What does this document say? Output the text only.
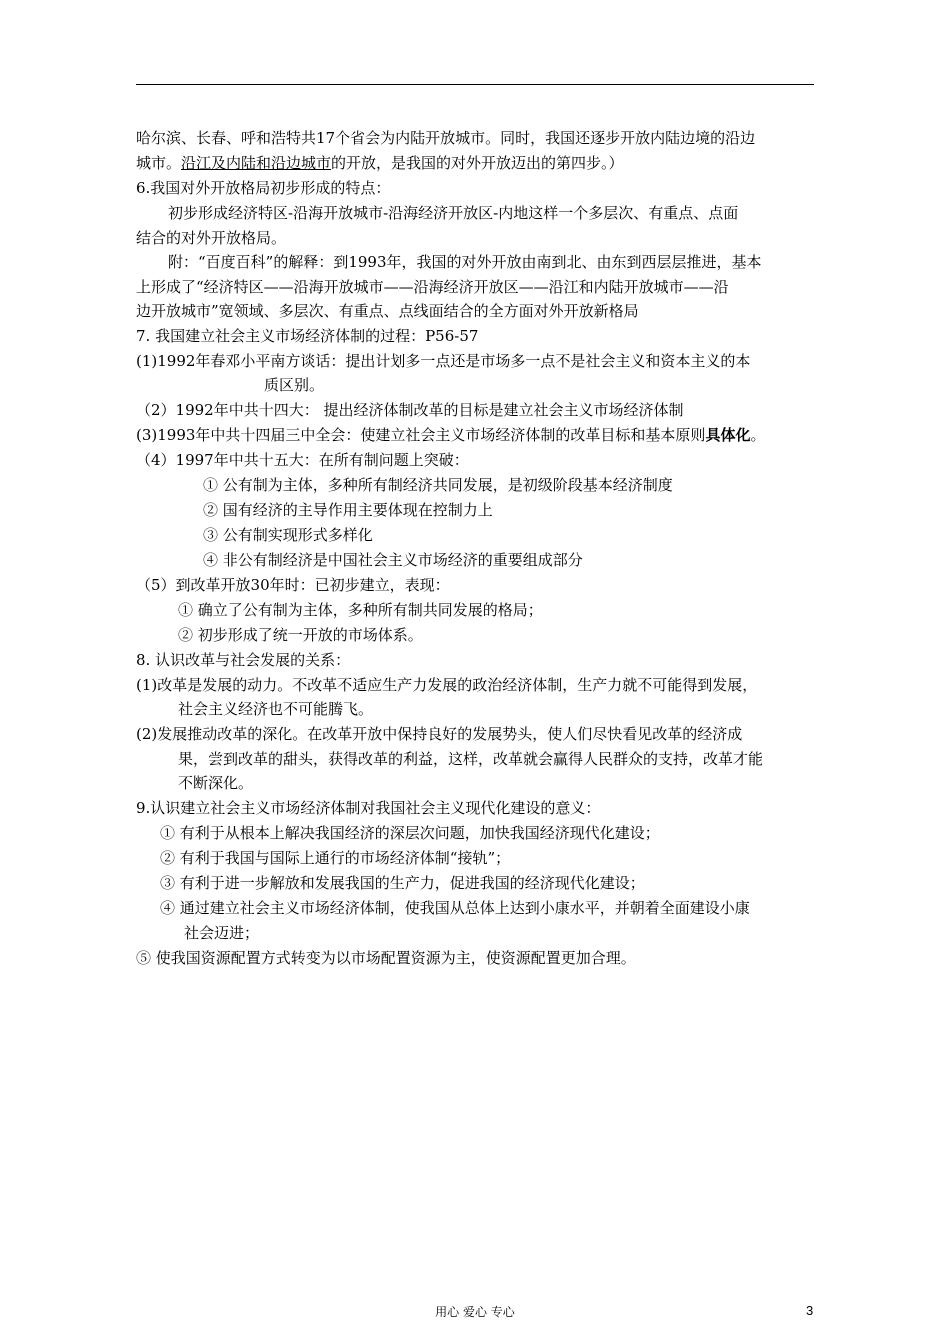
哈尔滨、长春、呼和浩特共17个省会为内陆开放城市。同时，我国还逐步开放内陆边境的沿边
城市。沿江及内陆和沿边城市的开放，是我国的对外开放迈出的第四步。）
6.我国对外开放格局初步形成的特点：
初步形成经济特区-沿海开放城市-沿海经济开放区-内地这样一个多层次、有重点、点面
结合的对外开放格局。
附：“百度百科”的解释：到1993年，我国的对外开放由南到北、由东到西层层推进，基本
上形成了“经济特区——沿海开放城市——沿海经济开放区——沿江和内陆开放城市——沿
边开放城市”宽领域、多层次、有重点、点线面结合的全方面对外开放新格局
7. 我国建立社会主义市场经济体制的过程：P56-57
(1)1992年春邓小平南方谈话：提出计划多一点还是市场多一点不是社会主义和资本主义的本
质区别。
（2）1992年中共十四大： 提出经济体制改革的目标是建立社会主义市场经济体制
(3)1993年中共十四届三中全会：使建立社会主义市场经济体制的改革目标和基本原则具体化。
（4）1997年中共十五大：在所有制问题上突破：
① 公有制为主体，多种所有制经济共同发展，是初级阶段基本经济制度
② 国有经济的主导作用主要体现在控制力上
③ 公有制实现形式多样化
④ 非公有制经济是中国社会主义市场经济的重要组成部分
（5）到改革开放30年时：已初步建立，表现：
① 确立了公有制为主体，多种所有制共同发展的格局；
② 初步形成了统一开放的市场体系。
8. 认识改革与社会发展的关系：
(1)改革是发展的动力。不改革不适应生产力发展的政治经济体制，生产力就不可能得到发展，
社会主义经济也不可能腾飞。
(2)发展推动改革的深化。在改革开放中保持良好的发展势头，使人们尽快看见改革的经济成
果，尝到改革的甜头，获得改革的利益，这样，改革就会赢得人民群众的支持，改革才能
不断深化。
9.认识建立社会主义市场经济体制对我国社会主义现代化建设的意义：
① 有利于从根本上解决我国经济的深层次问题，加快我国经济现代化建设；
② 有利于我国与国际上通行的市场经济体制“接轨”；
③ 有利于进一步解放和发展我国的生产力，促进我国的经济现代化建设；
④ 通过建立社会主义市场经济体制，使我国从总体上达到小康水平，并朝着全面建设小康
社会迈进；
⑤ 使我国资源配置方式转变为以市场配置资源为主，使资源配置更加合理。
用心 爱心 专心	3
